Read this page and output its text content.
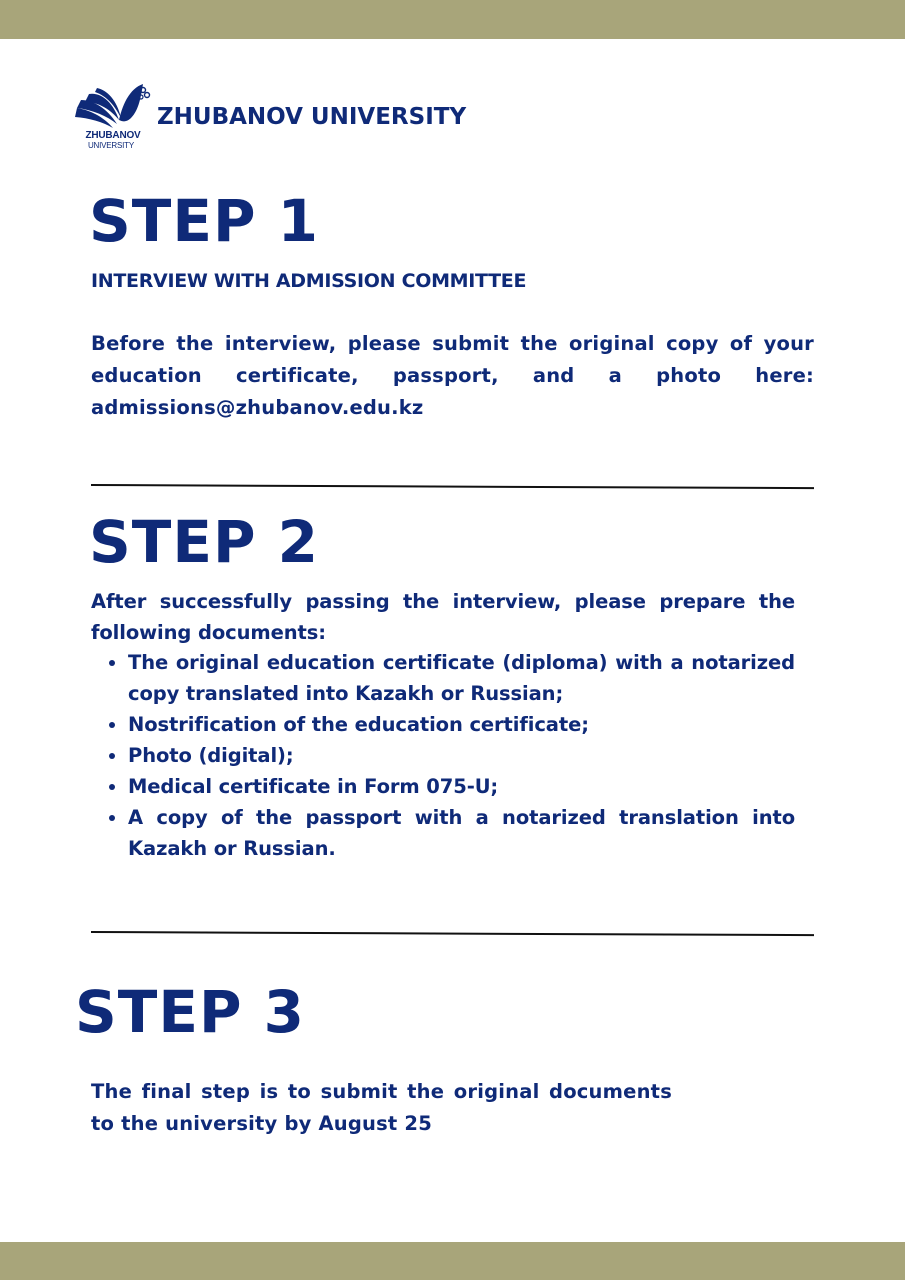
ZHUBANOV
UNIVERSITY
ZHUBANOV UNIVERSITY
STEP 1
INTERVIEW WITH ADMISSION COMMITTEE

Before the interview, please submit the original copy of your education certificate, passport, and a photo here: admissions@zhubanov.edu.kz

STEP 2

After successfully passing the interview, please prepare the following documents:

• The original education certificate (diploma) with a notarized copy translated into Kazakh or Russian;
• Nostrification of the education certificate;
• Photo (digital);
• Medical certificate in Form 075-U;
• A copy of the passport with a notarized translation into Kazakh or Russian.
STEP 3

The final step is to submit the original documents to the university by August 25
